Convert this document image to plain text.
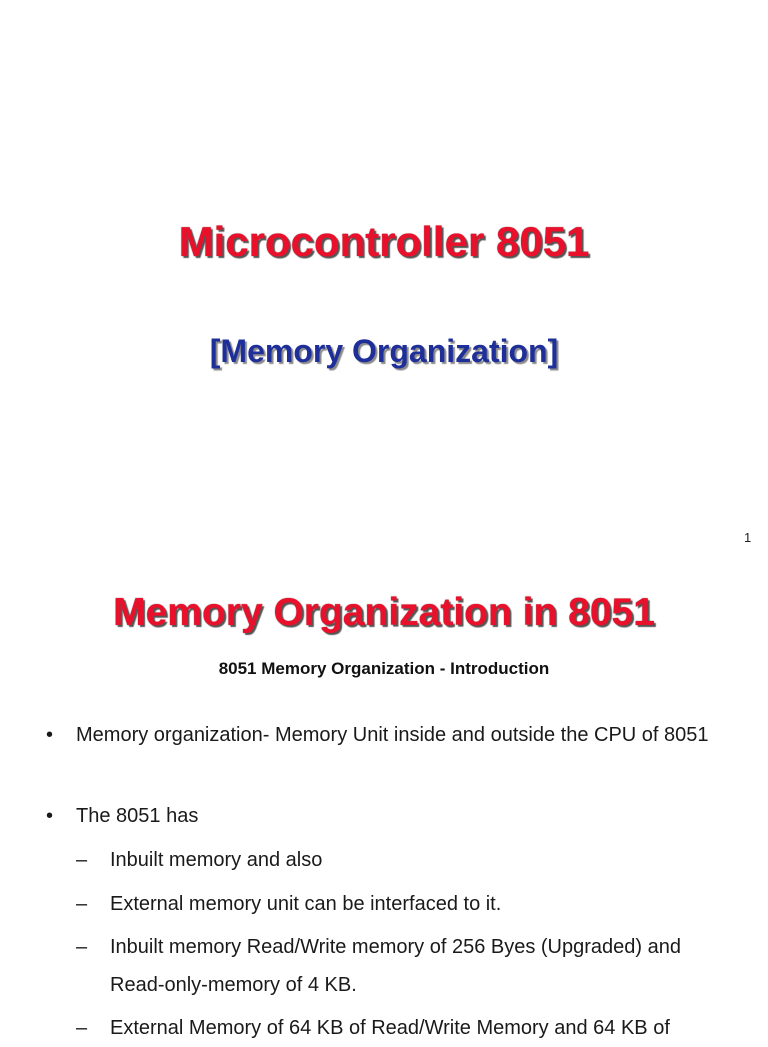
Microcontroller 8051
[Memory Organization]
1
Memory Organization in 8051
8051 Memory Organization - Introduction
• Memory organization- Memory Unit inside and outside the CPU of 8051
• The 8051 has
– Inbuilt memory and also
– External memory unit can be interfaced to it.
– Inbuilt memory Read/Write memory of 256 Byes (Upgraded) and Read-only-memory of 4 KB.
– External Memory of 64 KB of Read/Write Memory and 64 KB of
